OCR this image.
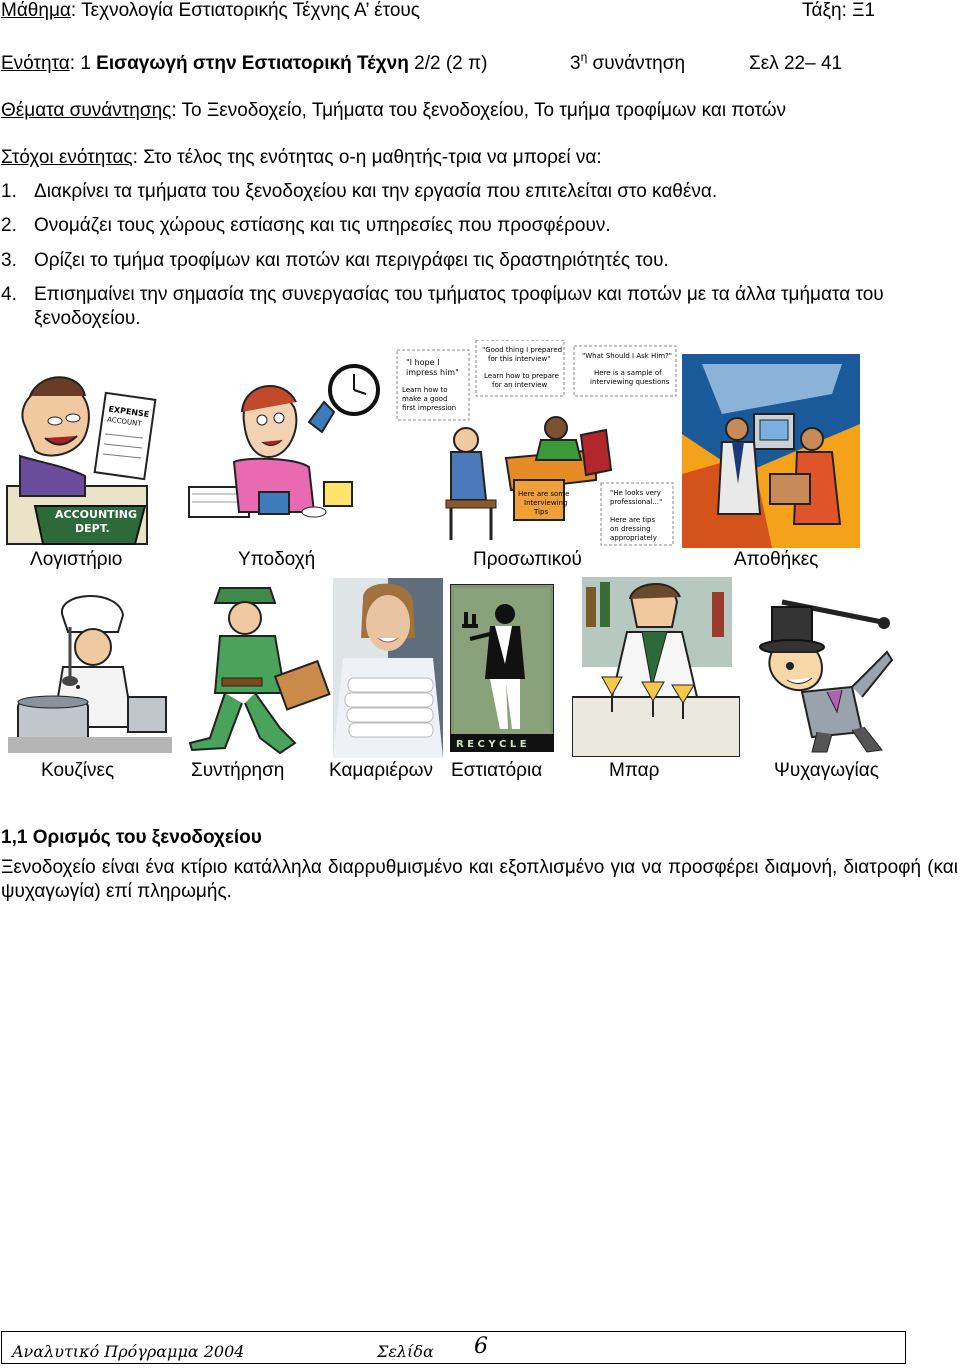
Μάθημα: Τεχνολογία Εστιατορικής Τέχνης Α’ έτους	Τάξη: Ξ1
Ενότητα: 1 Εισαγωγή στην Εστιατορική Τέχνη 2/2 (2 π)	$3^\eta$ συνάντηση	Σελ 22– 41
Θέματα συνάντησης: Το Ξενοδοχείο, Τμήματα του ξενοδοχείου, Το τμήμα τροφίμων και ποτών
Στόχοι ενότητας: Στο τέλος της ενότητας ο-η μαθητής-τρια να μπορεί να:
1. Διακρίνει τα τμήματα του ξενοδοχείου και την εργασία που επιτελείται στο καθένα.
2. Ονομάζει τους χώρους εστίασης και τις υπηρεσίες που προσφέρουν.
3. Ορίζει το τμήμα τροφίμων και ποτών και περιγράφει τις δραστηριότητές του.
4. Επισημαίνει την σημασία της συνεργασίας του τμήματος τροφίμων και ποτών με τα άλλα τμήματα του
ξενοδοχείου.
ACCOUNTING
DEPT.
EXPENSE
ACCOUNT
"I hope I
impress him"
Learn how to
make a good
first impression
"Good thing I prepared
for this interview"
Learn how to prepare
for an interview
"What Should I Ask Him?"
Here is a sample of
interviewing questions
"He looks very
professional..."
Here are tips
on dressing
appropriately
Here are some
Interviewing
Tips
Λογιστήριο	Υποδοχή	Προσωπικού	Αποθήκες
R E C Y C L E
Κουζίνες	Συντήρηση Καμαριέρων Εστιατόρια	Μπαρ	Ψυχαγωγίας
1,1 Ορισμός του ξενοδοχείου
Ξενοδοχείο είναι ένα κτίριο κατάλληλα διαρρυθμισμένο και εξοπλισμένο για να προσφέρει διαμονή, διατροφή (και ψυχαγωγία) επί πληρωμής.
Αναλυτικό Πρόγραμμα 2004	Σελίδα 6
